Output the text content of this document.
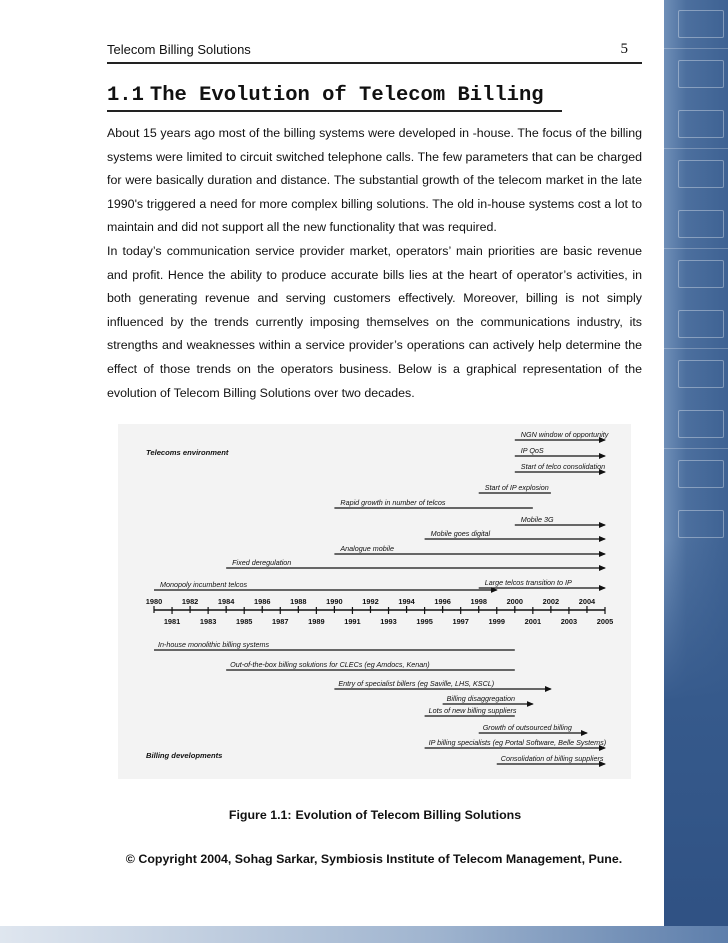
Telecom Billing Solutions	5
1.1 The Evolution of Telecom Billing

About 15 years ago most of the billing systems were developed in -house. The focus of the billing systems were limited to circuit switched telephone calls. The few parameters that can be charged for were basically duration and distance. The substantial growth of the telecom market in the late 1990's triggered a need for more complex billing solutions. The old in-house systems cost a lot to maintain and did not support all the new functionality that was required.

In today’s communication service provider market, operators’ main priorities are basic revenue and profit. Hence the ability to produce accurate bills lies at the heart of operator’s activities, in both generating revenue and serving customers effectively. Moreover, billing is not simply influenced by the trends currently imposing themselves on the communications industry, its strengths and weaknesses within a service provider’s operations can actively help determine the effect of those trends on the operators business. Below is a graphical representation of the evolution of Telecom Billing Solutions over two decades.

Telecoms environment
Billing developments
1980	1982	1984	1986	1988	1990	1992	1994	1996	1998	2000	2002	2004
1981	1983	1985	1987	1989	1991	1993	1995	1997	1999	2001	2003	2005
NGN window of opportunity
IP QoS
Start of telco consolidation
Start of IP explosion
Rapid growth in number of telcos
Mobile 3G
Mobile goes digital
Analogue mobile
Fixed deregulation
Monopoly incumbent telcos	Large telcos transition to IP
In-house monolithic billing systems
Out-of-the-box billing solutions for CLECs (eg Amdocs, Kenan)
Entry of specialist billers (eg Saville, LHS, KSCL)
Billing disaggregation
Lots of new billing suppliers
Growth of outsourced billing
IP billing specialists (eg Portal Software, Belle Systems)
Consolidation of billing suppliers
Figure 1.1: Evolution of Telecom Billing Solutions
© Copyright 2004, Sohag Sarkar, Symbiosis Institute of Telecom Management, Pune.
